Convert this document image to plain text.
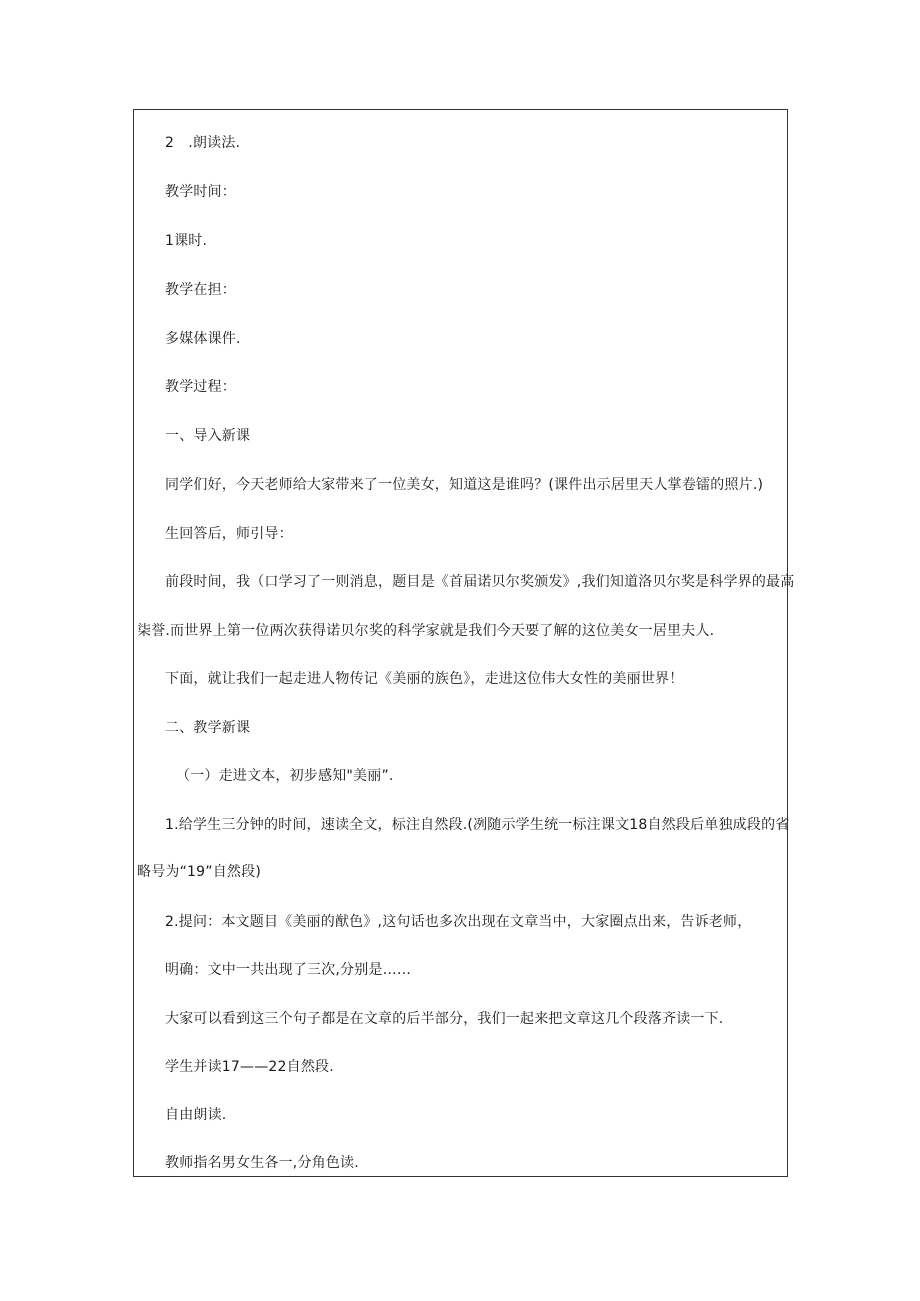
2　.朗读法.
教学时间：
1课时.
教学在担：
多媒体课件.
教学过程：
一、导入新课
同学们好，今天老师给大家带来了一位美女，知道这是谁吗？(课件出示居里天人掌卷镭的照片.)
生回答后，师引导：
前段时间，我（口学习了一则消息，题目是《首届诺贝尔奖颁发》,我们知道洛贝尔奖是科学界的最高
柒誉.而世界上第一位两次获得诺贝尔奖的科学家就是我们今天要了解的这位美女一居里夫人.
下面，就让我们一起走进人物传记《美丽的族色》，走进这位伟大女性的美丽世界！
二、教学新课
（一）走进文本，初步感知"美丽”.
1.给学生三分钟的时间，速读全文，标注自然段.(冽随示学生统一标注课文18自然段后单独成段的省
略号为“19”自然段)
2.提问：本文题目《美丽的猷色》,这句话也多次出现在文章当中，大家圈点出来，告诉老师，
明确：文中一共出现了三次,分别是……
大家可以看到这三个句子都是在文章的后半部分，我们一起来把文章这几个段落齐读一下.
学生并读17——22自然段.
自由朗读.
教师指名男女生各一,分角色读.
